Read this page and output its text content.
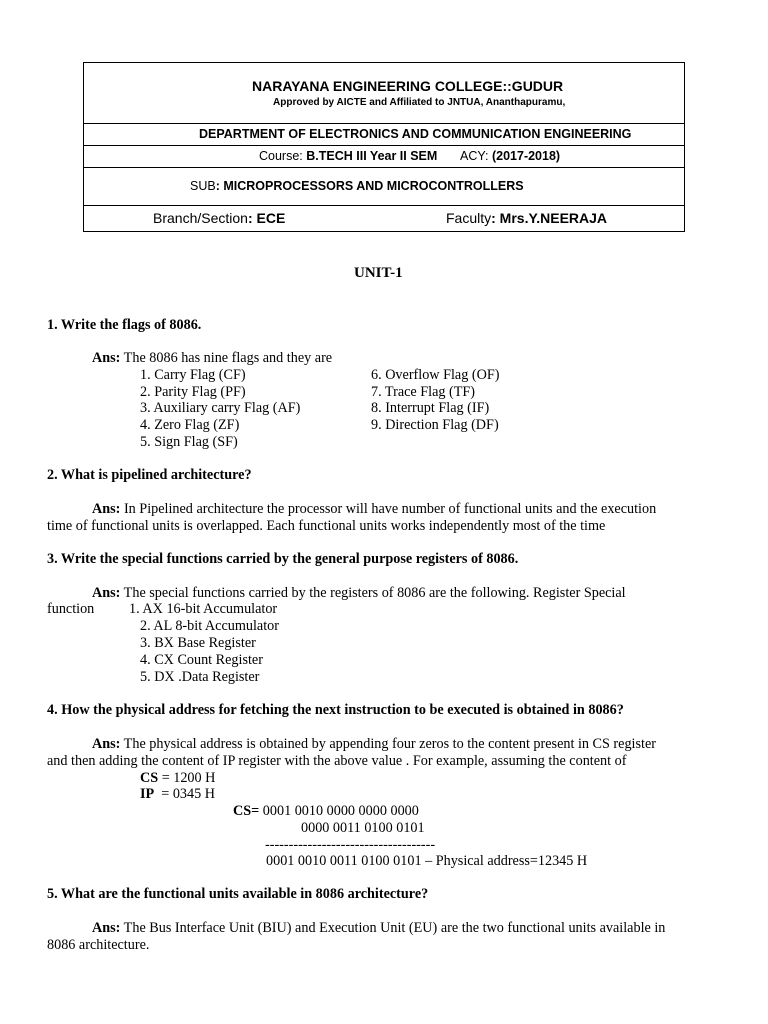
NARAYANA ENGINEERING COLLEGE::GUDUR
Approved by AICTE and Affiliated to JNTUA, Ananthapuramu,
DEPARTMENT OF ELECTRONICS AND COMMUNICATION ENGINEERING
Course: B.TECH III Year II SEM ACY: (2017-2018)
SUB: MICROPROCESSORS AND MICROCONTROLLERS
Branch/Section: ECE	Faculty: Mrs.Y.NEERAJA
UNIT-1
1. Write the flags of 8086.
Ans: The 8086 has nine flags and they are
1. Carry Flag (CF)
2. Parity Flag (PF)
3. Auxiliary carry Flag (AF)
4. Zero Flag (ZF)
5. Sign Flag (SF)
6. Overflow Flag (OF)
7. Trace Flag (TF)
8. Interrupt Flag (IF)
9. Direction Flag (DF)
2. What is pipelined architecture?
Ans: In Pipelined architecture the processor will have number of functional units and the execution
time of functional units is overlapped. Each functional units works independently most of the time
3. Write the special functions carried by the general purpose registers of 8086.
Ans: The special functions carried by the registers of 8086 are the following. Register Special
function 1. AX 16-bit Accumulator
2. AL 8-bit Accumulator
3. BX Base Register
4. CX Count Register
5. DX .Data Register
4. How the physical address for fetching the next instruction to be executed is obtained in 8086?
Ans: The physical address is obtained by appending four zeros to the content present in CS register
and then adding the content of IP register with the above value . For example, assuming the content of
CS = 1200 H
IP  = 0345 H
CS= 0001 0010 0000 0000 0000
0000 0011 0100 0101
------------------------------------
0001 0010 0011 0100 0101 – Physical address=12345 H
5. What are the functional units available in 8086 architecture?
Ans: The Bus Interface Unit (BIU) and Execution Unit (EU) are the two functional units available in
8086 architecture.
